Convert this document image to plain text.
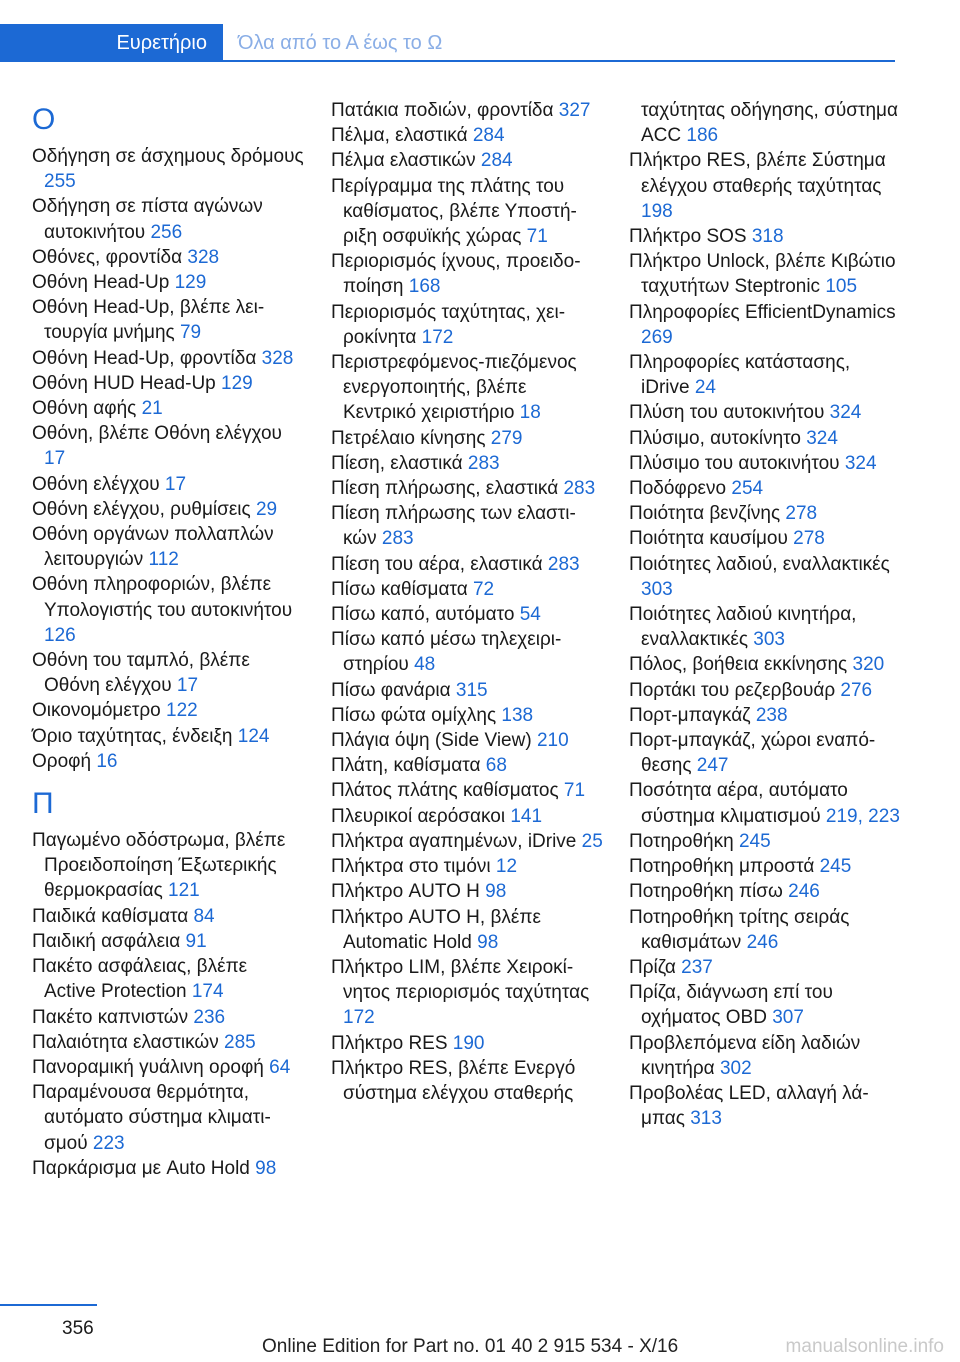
Ευρετήριο	Όλα από το Α έως το Ω
Ο
Οδήγηση σε άσχημους δρόμους 255
Οδήγηση σε πίστα αγώνων αυτοκινήτου 256
Οθόνες, φροντίδα 328
Οθόνη Head-Up 129
Οθόνη Head-Up, βλέπε λειτουργία μνήμης 79
Οθόνη Head-Up, φροντίδα 328
Οθόνη HUD Head-Up 129
Οθόνη αφής 21
Οθόνη, βλέπε Οθόνη ελέγχου 17
Οθόνη ελέγχου 17
Οθόνη ελέγχου, ρυθμίσεις 29
Οθόνη οργάνων πολλαπλών λειτουργιών 112
Οθόνη πληροφοριών, βλέπε Υπολογιστής του αυτοκινήτου 126
Οθόνη του ταμπλό, βλέπε Οθόνη ελέγχου 17
Οικονομόμετρο 122
Όριο ταχύτητας, ένδειξη 124
Οροφή 16
Π
Παγωμένο οδόστρωμα, βλέπε Προειδοποίηση Έξωτερικής θερμοκρασίας 121
Παιδικά καθίσματα 84
Παιδική ασφάλεια 91
Πακέτο ασφάλειας, βλέπε Active Protection 174
Πακέτο καπνιστών 236
Παλαιότητα ελαστικών 285
Πανοραμική γυάλινη οροφή 64
Παραμένουσα θερμότητα, αυτόματο σύστημα κλιματισμού 223
Παρκάρισμα με Auto Hold 98
Πατάκια ποδιών, φροντίδα 327
Πέλμα, ελαστικά 284
Πέλμα ελαστικών 284
Περίγραμμα της πλάτης του καθίσματος, βλέπε Υποστήριξη οσφυϊκής χώρας 71
Περιορισμός ίχνους, προειδοποίηση 168
Περιορισμός ταχύτητας, χειροκίνητα 172
Περιστρεφόμενος-πιεζόμενος ενεργοποιητής, βλέπε Κεντρικό χειριστήριο 18
Πετρέλαιο κίνησης 279
Πίεση, ελαστικά 283
Πίεση πλήρωσης, ελαστικά 283
Πίεση πλήρωσης των ελαστικών 283
Πίεση του αέρα, ελαστικά 283
Πίσω καθίσματα 72
Πίσω καπό, αυτόματο 54
Πίσω καπό μέσω τηλεχειριστηρίου 48
Πίσω φανάρια 315
Πίσω φώτα ομίχλης 138
Πλάγια όψη (Side View) 210
Πλάτη, καθίσματα 68
Πλάτος πλάτης καθίσματος 71
Πλευρικοί αερόσακοι 141
Πλήκτρα αγαπημένων, iDrive 25
Πλήκτρα στο τιμόνι 12
Πλήκτρο AUTO H 98
Πλήκτρο AUTO H, βλέπε Automatic Hold 98
Πλήκτρο LIM, βλέπε Χειροκίνητος περιορισμός ταχύτητας 172
Πλήκτρο RES 190
Πλήκτρο RES, βλέπε Ενεργό σύστημα ελέγχου σταθερής
ταχύτητας οδήγησης, σύστημα ACC 186
Πλήκτρο RES, βλέπε Σύστημα ελέγχου σταθερής ταχύτητας 198
Πλήκτρο SOS 318
Πλήκτρο Unlock, βλέπε Κιβώτιο ταχυτήτων Steptronic 105
Πληροφορίες EfficientDynamics 269
Πληροφορίες κατάστασης, iDrive 24
Πλύση του αυτοκινήτου 324
Πλύσιμο, αυτοκίνητο 324
Πλύσιμο του αυτοκινήτου 324
Ποδόφρενο 254
Ποιότητα βενζίνης 278
Ποιότητα καυσίμου 278
Ποιότητες λαδιού, εναλλακτικές 303
Ποιότητες λαδιού κινητήρα, εναλλακτικές 303
Πόλος, βοήθεια εκκίνησης 320
Πορτάκι του ρεζερβουάρ 276
Πορτ-μπαγκάζ 238
Πορτ-μπαγκάζ, χώροι εναπόθεσης 247
Ποσότητα αέρα, αυτόματο σύστημα κλιματισμού 219, 223
Ποτηροθήκη 245
Ποτηροθήκη μπροστά 245
Ποτηροθήκη πίσω 246
Ποτηροθήκη τρίτης σειράς καθισμάτων 246
Πρίζα 237
Πρίζα, διάγνωση επί του οχήματος OBD 307
Προβλεπόμενα είδη λαδιών κινητήρα 302
Προβολέας LED, αλλαγή λάμπας 313
356
Online Edition for Part no. 01 40 2 915 534 - X/16	manualsonline.info
